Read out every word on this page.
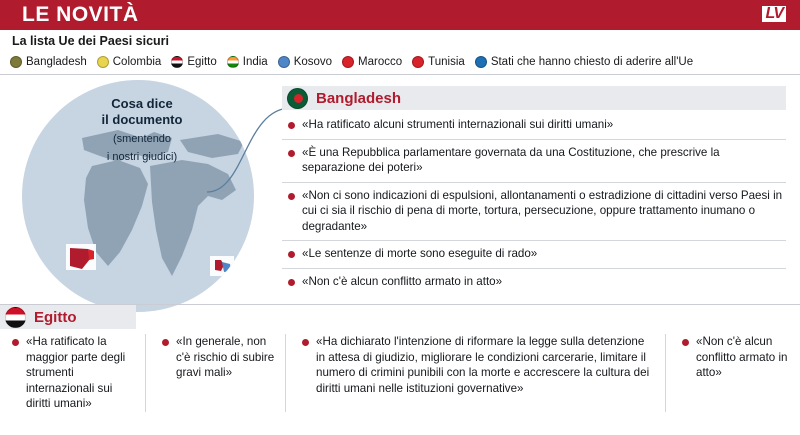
LE NOVITÀ	LV
La lista Ue dei Paesi sicuri
Bangladesh Colombia Egitto India Kosovo Marocco Tunisia Stati che hanno chiesto di aderire all'Ue
Cosa dice
il documento
(smentendo
i nostri giudici)
Bangladesh
«Ha ratificato alcuni strumenti internazionali sui diritti umani»
«È una Repubblica parlamentare governata da una Costituzione, che prescrive la separazione dei poteri»
«Non ci sono indicazioni di espulsioni, allontanamenti o estradizione di cittadini verso Paesi in cui ci sia il rischio di pena di morte, tortura, persecuzione, oppure trattamento inumano o degradante»
«Le sentenze di morte sono eseguite di rado»
«Non c'è alcun conflitto armato in atto»
Egitto
«Ha ratificato la maggior parte degli strumenti internazionali sui diritti umani»
«In generale, non c'è rischio di subire gravi mali»
«Ha dichiarato l'intenzione di riformare la legge sulla detenzione in attesa di giudizio, migliorare le condizioni carcerarie, limitare il numero di crimini punibili con la morte e accrescere la cultura dei diritti umani nelle istituzioni governative»
«Non c'è alcun conflitto armato in atto»
